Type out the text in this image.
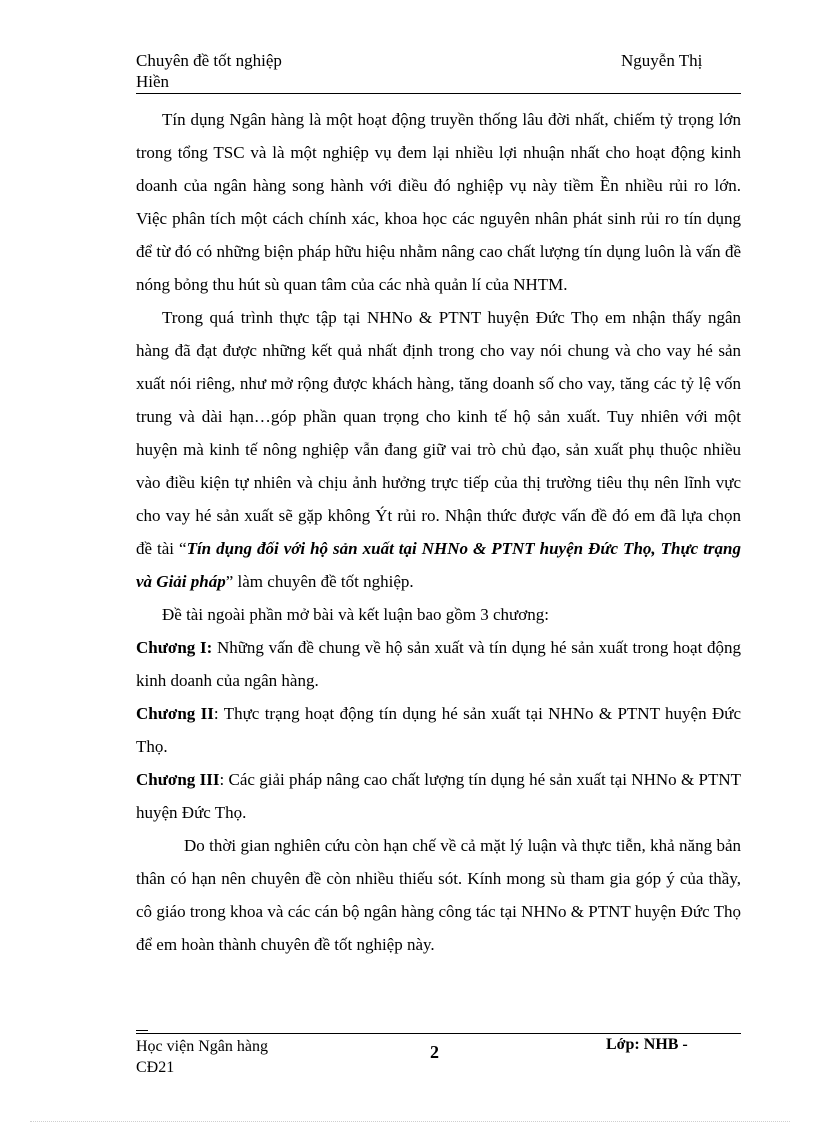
Chuyên đề tốt nghiệp
Hiền
Nguyễn Thị

Tín dụng Ngân hàng là một hoạt động truyền thống lâu đời nhất, chiếm tỷ trọng lớn trong tổng TSC và là một nghiệp vụ đem lại nhiều lợi nhuận nhất cho hoạt động kinh doanh của ngân hàng song hành với điều đó nghiệp vụ này tiềm Ền nhiều rủi ro lớn. Việc phân tích một cách chính xác, khoa học các nguyên nhân phát sinh rủi ro tín dụng để từ đó có những biện pháp hữu hiệu nhằm nâng cao chất lượng tín dụng luôn là vấn đề nóng bỏng thu hút sù quan tâm của các nhà quản lí của NHTM.

Trong quá trình thực tập tại NHNo & PTNT huyện Đức Thọ em nhận thấy ngân hàng đã đạt được những kết quả nhất định trong cho vay nói chung và cho vay hé sản xuất nói riêng, như mở rộng được khách hàng, tăng doanh số cho vay, tăng các tỷ lệ vốn trung và dài hạn…góp phần quan trọng cho kinh tế hộ sản xuất. Tuy nhiên với một huyện mà kinh tế nông nghiệp vẫn đang giữ vai trò chủ đạo, sản xuất phụ thuộc nhiều vào điều kiện tự nhiên và chịu ảnh hưởng trực tiếp của thị trường tiêu thụ nên lĩnh vực cho vay hé sản xuất sẽ gặp không Ýt rủi ro. Nhận thức được vấn đề đó em đã lựa chọn đề tài “Tín dụng đối với hộ sản xuất tại NHNo & PTNT huyện Đức Thọ, Thực trạng và Giải pháp” làm chuyên đề tốt nghiệp.

Đề tài ngoài phần mở bài và kết luận bao gồm 3 chương:

Chương I: Những vấn đề chung về hộ sản xuất và tín dụng hé sản xuất trong hoạt động kinh doanh của ngân hàng.

Chương II: Thực trạng hoạt động tín dụng hé sản xuất tại NHNo & PTNT huyện Đức Thọ.

Chương III: Các giải pháp nâng cao chất lượng tín dụng hé sản xuất tại NHNo & PTNT huyện Đức Thọ.

Do thời gian nghiên cứu còn hạn chế về cả mặt lý luận và thực tiễn, khả năng bản thân có hạn nên chuyên đề còn nhiều thiếu sót. Kính mong sù tham gia góp ý của thầy, cô giáo trong khoa và các cán bộ ngân hàng công tác tại NHNo & PTNT huyện Đức Thọ để em hoàn thành chuyên đề tốt nghiệp này.

Học viện Ngân hàng
CĐ21
2	Lớp: NHB -
